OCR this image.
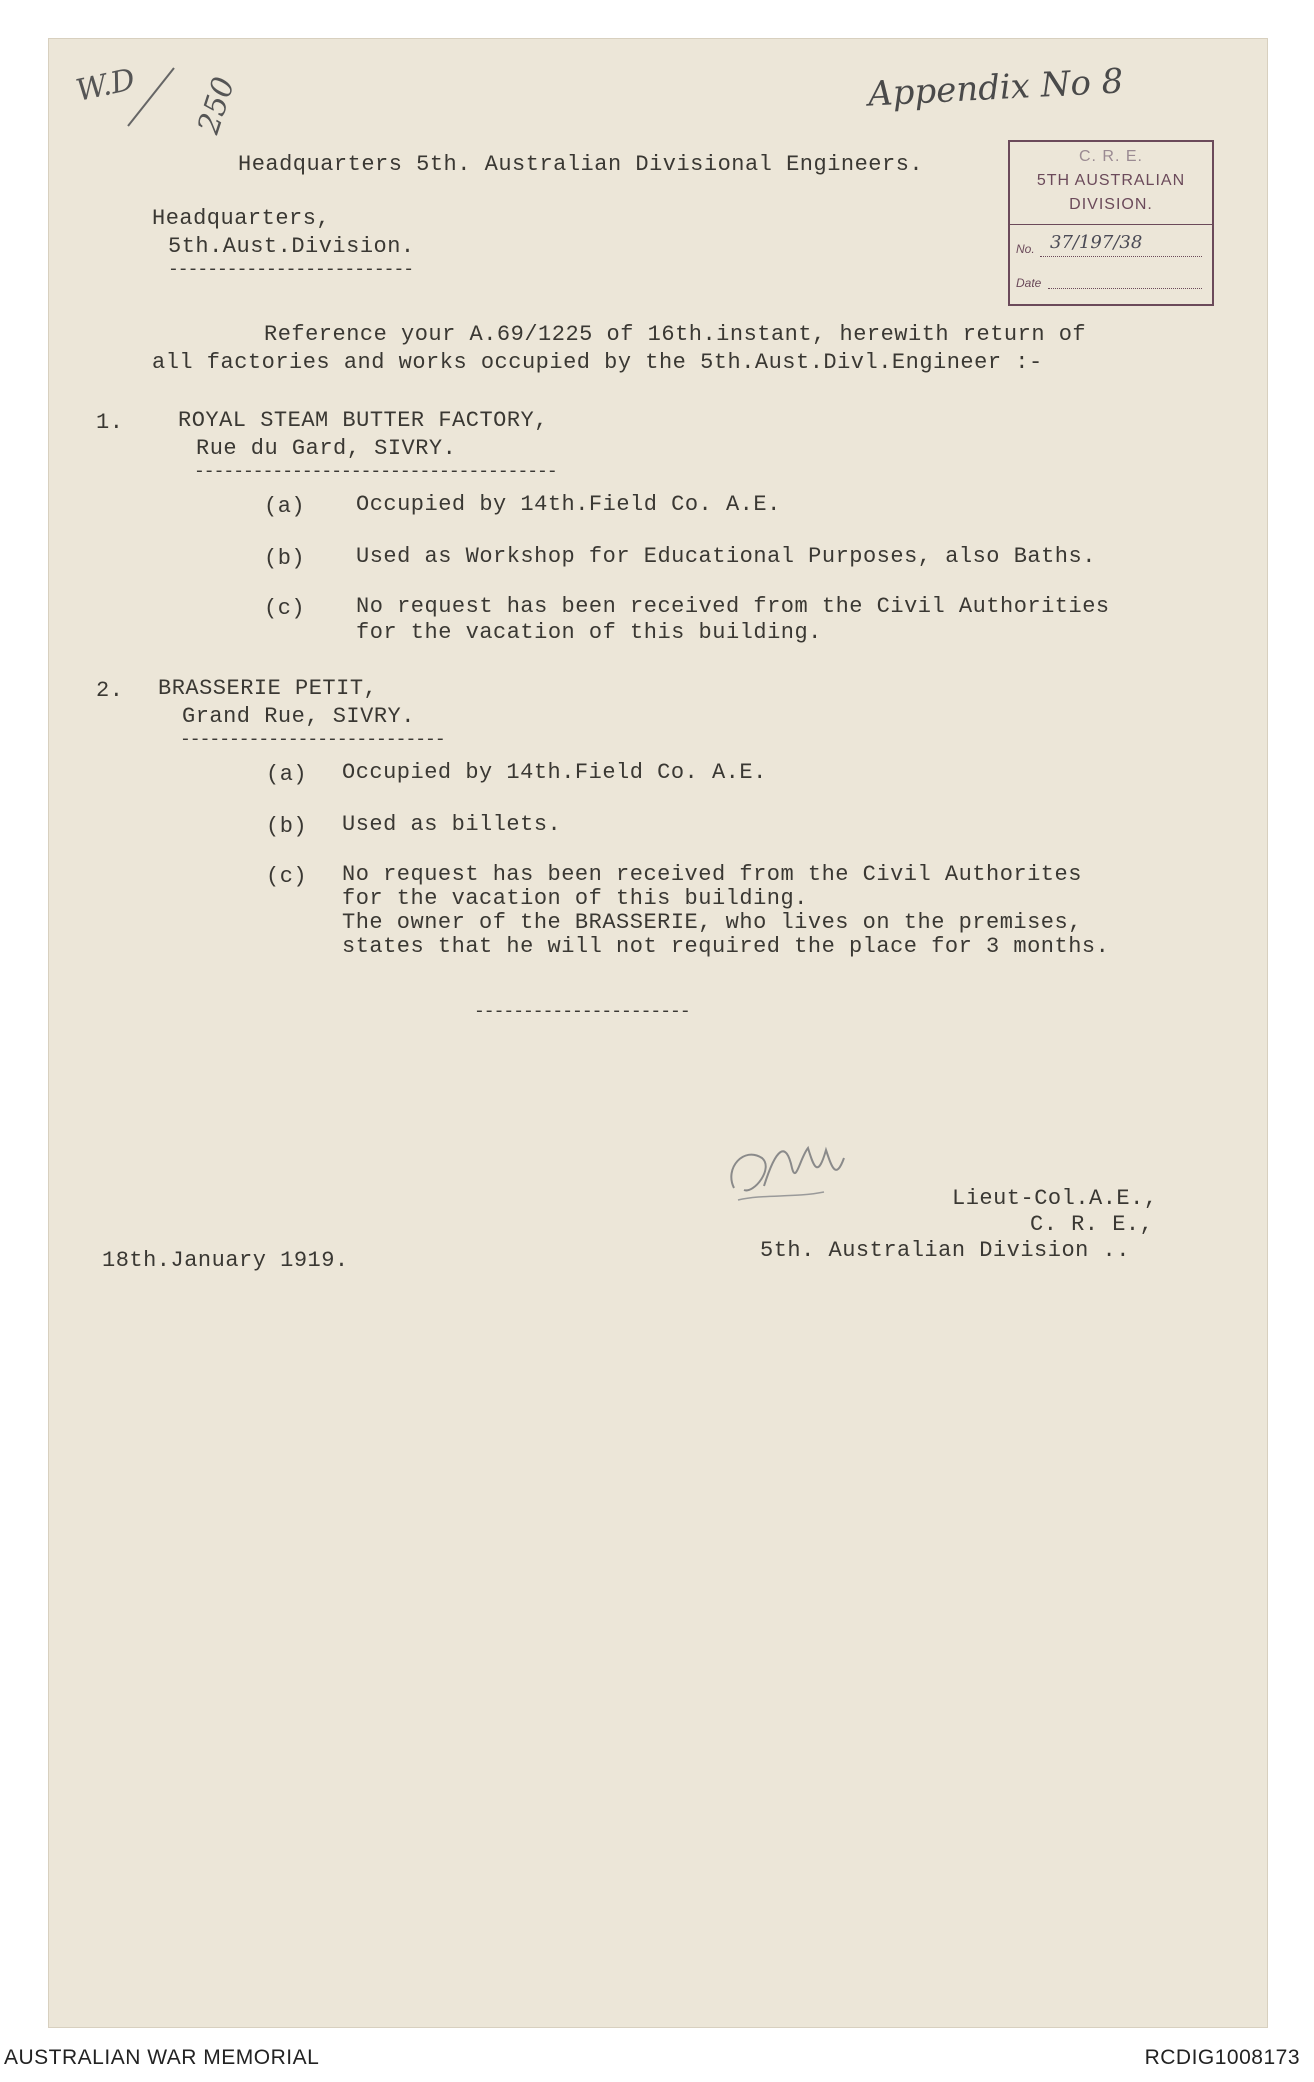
W.D 250	Appendix No 8
C. R. E.
5TH AUSTRALIAN
DIVISION.
No. 37/197/38
Date
Headquarters 5th. Australian Divisional Engineers.
Headquarters,
5th.Aust.Division.
-------------------------
Reference your A.69/1225 of 16th.instant, herewith return of
all factories and works occupied by the 5th.Aust.Divl.Engineer :-
1. ROYAL STEAM BUTTER FACTORY,
Rue du Gard, SIVRY.
-------------------------------------
(a) Occupied by 14th.Field Co. A.E.
(b) Used as Workshop for Educational Purposes, also Baths.
(c) No request has been received from the Civil Authorities
for the vacation of this building.
2. BRASSERIE PETIT,
Grand Rue, SIVRY.
---------------------------
(a) Occupied by 14th.Field Co. A.E.
(b) Used as billets.
(c) No request has been received from the Civil Authorites
for the vacation of this building.
The owner of the BRASSERIE, who lives on the premises,
states that he will not required the place for 3 months.
----------------------
Lieut-Col.A.E.,
C. R. E.,
5th. Australian Division ..
18th.January 1919.
AUSTRALIAN WAR MEMORIAL	RCDIG1008173
